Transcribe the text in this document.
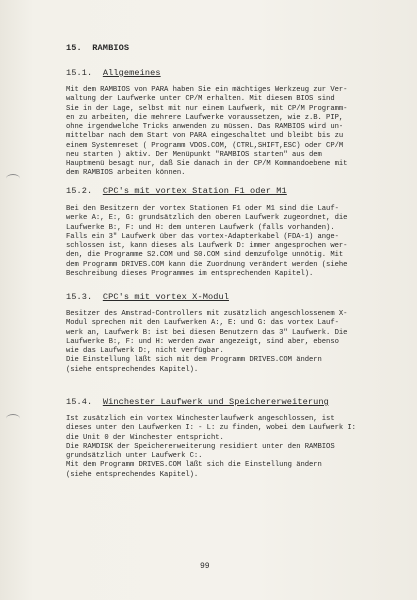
15. RAMBIOS
15.1. Allgemeines
Mit dem RAMBIOS von PARA haben Sie ein mächtiges Werkzeug zur Ver-
waltung der Laufwerke unter CP/M erhalten. Mit diesem BIOS sind
Sie in der Lage, selbst mit nur einem Laufwerk, mit CP/M Programm-
en zu arbeiten, die mehrere Laufwerke voraussetzen, wie z.B. PIP,
ohne irgendwelche Tricks anwenden zu müssen. Das RAMBIOS wird un-
mittelbar nach dem Start von PARA eingeschaltet und bleibt bis zu
einem Systemreset ( Programm VDOS.COM, (CTRL,SHIFT,ESC) oder CP/M
neu starten ) aktiv. Der Menüpunkt "RAMBIOS starten" aus dem
Hauptmenü besagt nur, daß Sie danach in der CP/M Kommandoebene mit
dem RAMBIOS arbeiten können.
15.2. CPC's mit vortex Station F1 oder M1
Bei den Besitzern der vortex Stationen F1 oder M1 sind die Lauf-
werke A:, E:, G: grundsätzlich den oberen Laufwerk zugeordnet, die
Laufwerke B:, F: und H: dem unteren Laufwerk (falls vorhanden).
Falls ein 3" Laufwerk über das vortex-Adapterkabel (FDA-1) ange-
schlossen ist, kann dieses als Laufwerk D: immer angesprochen wer-
den, die Programme S2.COM und S0.COM sind demzufolge unnötig. Mit
dem Programm DRIVES.COM kann die Zuordnung verändert werden (siehe
Beschreibung dieses Programmes im entsprechenden Kapitel).
15.3. CPC's mit vortex X-Modul
Besitzer des Amstrad-Controllers mit zusätzlich angeschlossenem X-
Modul sprechen mit den Laufwerken A:, E: und G: das vortex Lauf-
werk an, Laufwerk B: ist bei diesen Benutzern das 3" Laufwerk. Die
Laufwerke B:, F: und H: werden zwar angezeigt, sind aber, ebenso
wie das Laufwerk D:, nicht verfügbar.
Die Einstellung läßt sich mit dem Programm DRIVES.COM ändern
(siehe entsprechendes Kapitel).
15.4. Winchester Laufwerk und Speichererweiterung
Ist zusätzlich ein vortex Winchesterlaufwerk angeschlossen, ist
dieses unter den Laufwerken I: - L: zu finden, wobei dem Laufwerk I:
die Unit 0 der Winchester entspricht.
Die RAMDISK der Speichererweiterung residiert unter den RAMBIOS
grundsätzlich unter Laufwerk C:.
Mit dem Programm DRIVES.COM läßt sich die Einstellung ändern
(siehe entsprechendes Kapitel).
99
